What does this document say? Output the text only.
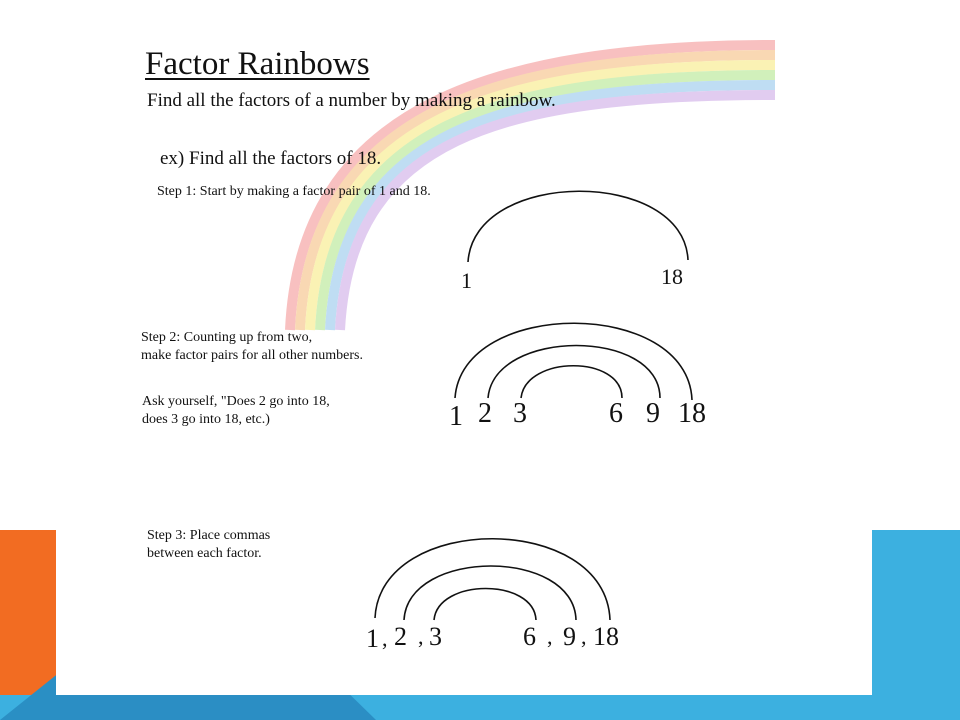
Factor Rainbows
Find all the factors of a number by making a rainbow.
ex) Find all the factors of 18.
Step 1: Start by making a factor pair of 1 and 18.
Step 2: Counting up from two,
make factor pairs for all other numbers.
Ask yourself, "Does 2 go into 18,
does 3 go into 18, etc.)
Step 3: Place commas
between each factor.
1	18
1 2 3	6 9 18
1 , 2 , 3	6 , 9 , 18
